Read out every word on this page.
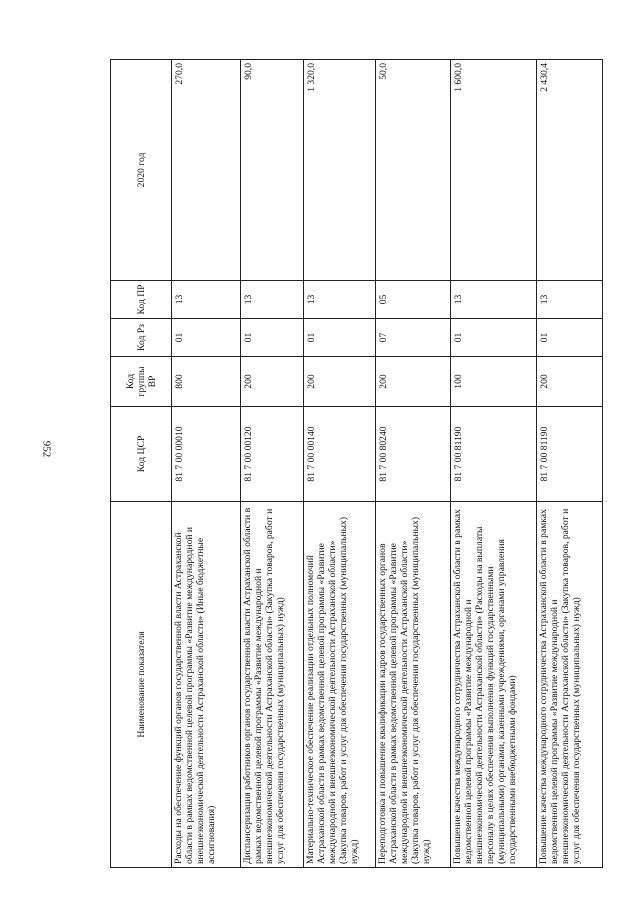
952
Наименование показателя	Код ЦСР	Код группы ВР	Код Рз	Код ПР	2020 год
Расходы на обеспечение функций органов государственной власти Астраханской области в рамках ведомственной целевой программы «Развитие международной и внешнеэкономической деятельности Астраханской области» (Иные бюджетные ассигнования)	81 7 00 00010	800	01	13	270,0
Диспансеризация работников органов государственной власти Астраханской области в рамках ведомственной целевой программы «Развитие международной и внешнеэкономической деятельности Астраханской области» (Закупка товаров, работ и услуг для обеспечения государственных (муниципальных) нужд)	81 7 00 00120	200	01	13	90,0
Материально-техническое обеспечение реализации отдельных полномочий Астраханской области в рамках ведомственной целевой программы «Развитие международной и внешнеэкономической деятельности Астраханской области» (Закупка товаров, работ и услуг для обеспечения государственных (муниципальных) нужд)	81 7 00 00140	200	01	13	1 320,0
Переподготовка и повышение квалификации кадров государственных органов Астраханской области в рамках ведомственной целевой программы «Развитие международной и внешнеэкономической деятельности Астраханской области» (Закупка товаров, работ и услуг для обеспечения государственных (муниципальных) нужд)	81 7 00 80240	200	07	05	50,0
Повышение качества международного сотрудничества Астраханской области в рамках ведомственной целевой программы «Развитие международной и внешнеэкономической деятельности Астраханской области» (Расходы на выплаты персоналу в целях обеспечения выполнения функций государственными (муниципальными) органами, казенными учреждениями, органами управления государственными внебюджетными фондами)	81 7 00 81190	100	01	13	1 600,0
Повышение качества международного сотрудничества Астраханской области в рамках ведомственной целевой программы «Развитие международной и внешнеэкономической деятельности Астраханской области» (Закупка товаров, работ и услуг для обеспечения государственных (муниципальных) нужд)	81 7 00 81190	200	01	13	2 430,4
